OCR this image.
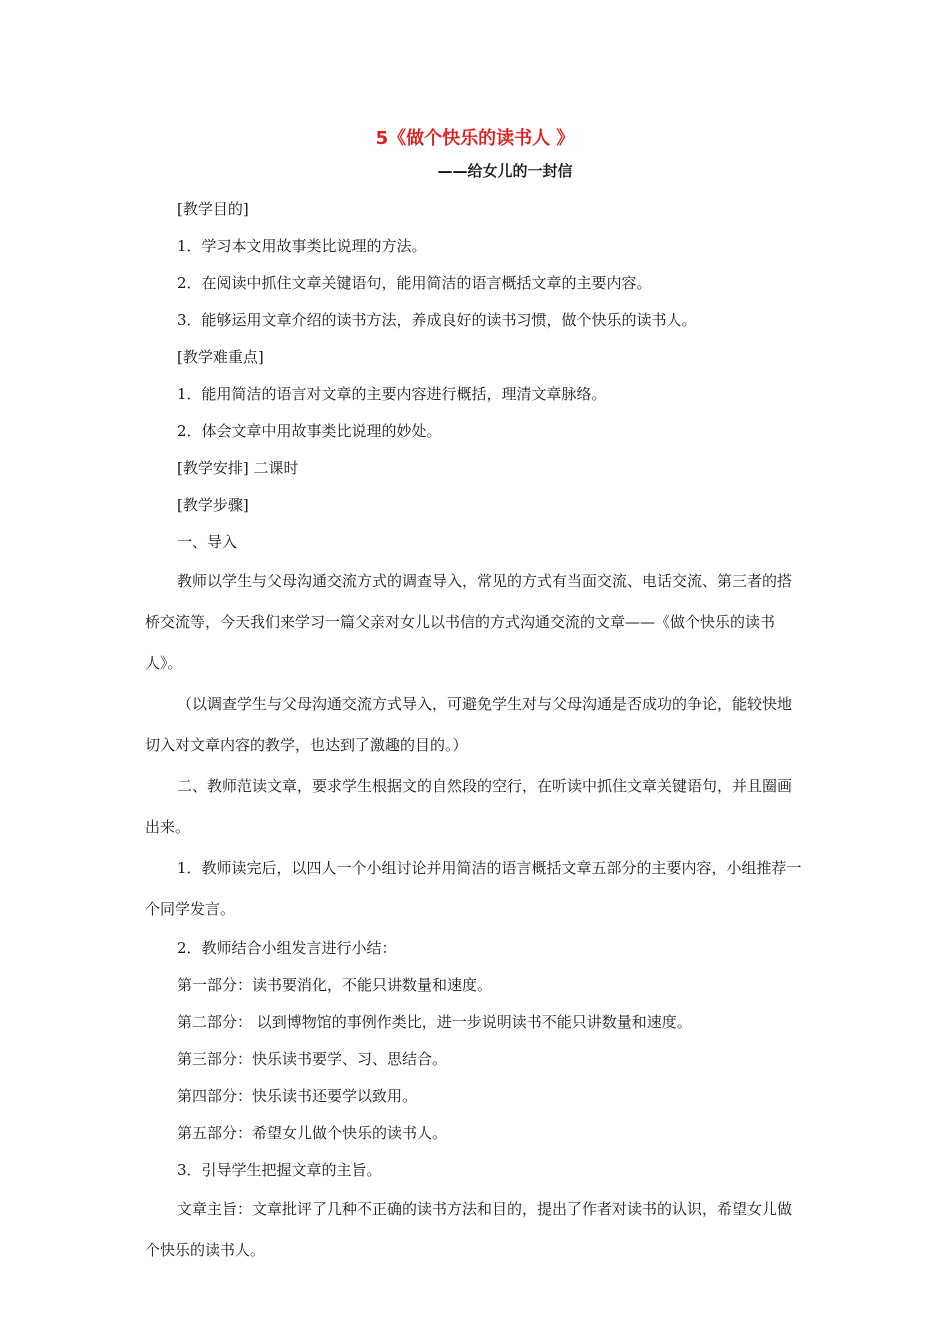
5《做个快乐的读书人 》
——给女儿的一封信

[教学目的]

1．学习本文用故事类比说理的方法。

2．在阅读中抓住文章关键语句，能用简洁的语言概括文章的主要内容。

3．能够运用文章介绍的读书方法，养成良好的读书习惯，做个快乐的读书人。

[教学难重点]

1．能用简洁的语言对文章的主要内容进行概括，理清文章脉络。

2．体会文章中用故事类比说理的妙处。

[教学安排] 二课时

[教学步骤]

一、导入

教师以学生与父母沟通交流方式的调查导入，常见的方式有当面交流、电话交流、第三者的搭桥交流等，今天我们来学习一篇父亲对女儿以书信的方式沟通交流的文章——《做个快乐的读书人》。

（以调查学生与父母沟通交流方式导入，可避免学生对与父母沟通是否成功的争论，能较快地切入对文章内容的教学，也达到了激趣的目的。）

二、教师范读文章，要求学生根据文的自然段的空行，在听读中抓住文章关键语句，并且圈画出来。

1．教师读完后，以四人一个小组讨论并用简洁的语言概括文章五部分的主要内容，小组推荐一个同学发言。

2．教师结合小组发言进行小结：

第一部分：读书要消化，不能只讲数量和速度。

第二部分： 以到博物馆的事例作类比，进一步说明读书不能只讲数量和速度。

第三部分：快乐读书要学、习、思结合。

第四部分：快乐读书还要学以致用。

第五部分：希望女儿做个快乐的读书人。

3．引导学生把握文章的主旨。

文章主旨：文章批评了几种不正确的读书方法和目的，提出了作者对读书的认识，希望女儿做个快乐的读书人。
